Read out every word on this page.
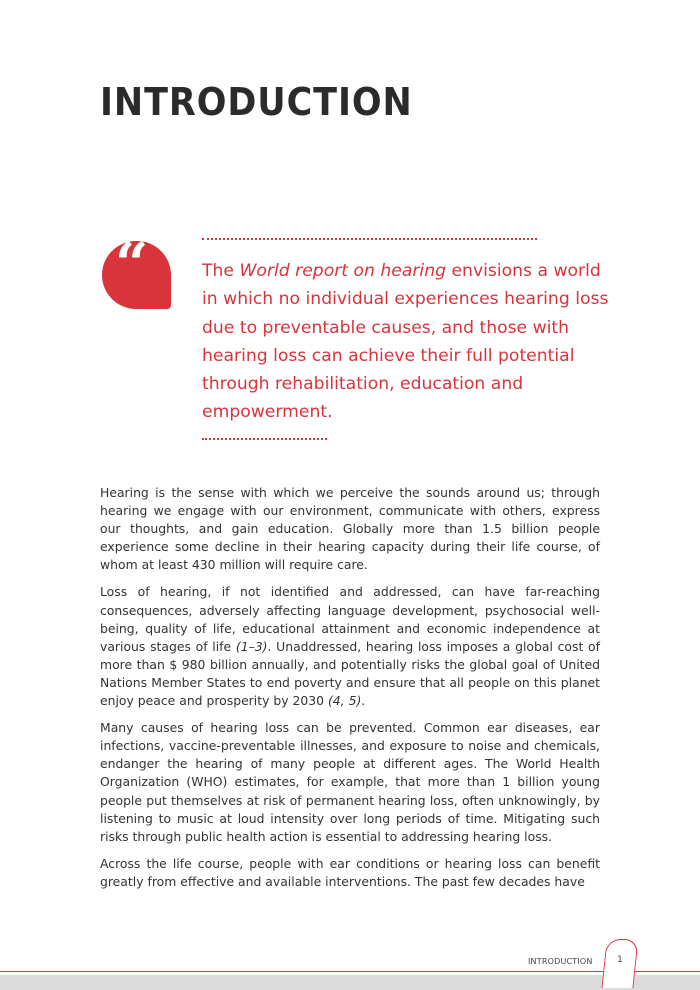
INTRODUCTION
“	The World report on hearing envisions a world in which no individual experiences hearing loss due to preventable causes, and those with hearing loss can achieve their full potential through rehabilitation, education and empowerment.

Hearing is the sense with which we perceive the sounds around us; through hearing we engage with our environment, communicate with others, express our thoughts, and gain education. Globally more than 1.5 billion people experience some decline in their hearing capacity during their life course, of whom at least 430 million will require care.

Loss of hearing, if not identified and addressed, can have far-reaching consequences, adversely affecting language development, psychosocial well-being, quality of life, educational attainment and economic independence at various stages of life (1–3). Unaddressed, hearing loss imposes a global cost of more than $ 980 billion annually, and potentially risks the global goal of United Nations Member States to end poverty and ensure that all people on this planet enjoy peace and prosperity by 2030 (4, 5).

Many causes of hearing loss can be prevented. Common ear diseases, ear infections, vaccine-preventable illnesses, and exposure to noise and chemicals, endanger the hearing of many people at different ages. The World Health Organization (WHO) estimates, for example, that more than 1 billion young people put themselves at risk of permanent hearing loss, often unknowingly, by listening to music at loud intensity over long periods of time. Mitigating such risks through public health action is essential to addressing hearing loss.

Across the life course, people with ear conditions or hearing loss can benefit greatly from effective and available interventions. The past few decades have

INTRODUCTION	1
